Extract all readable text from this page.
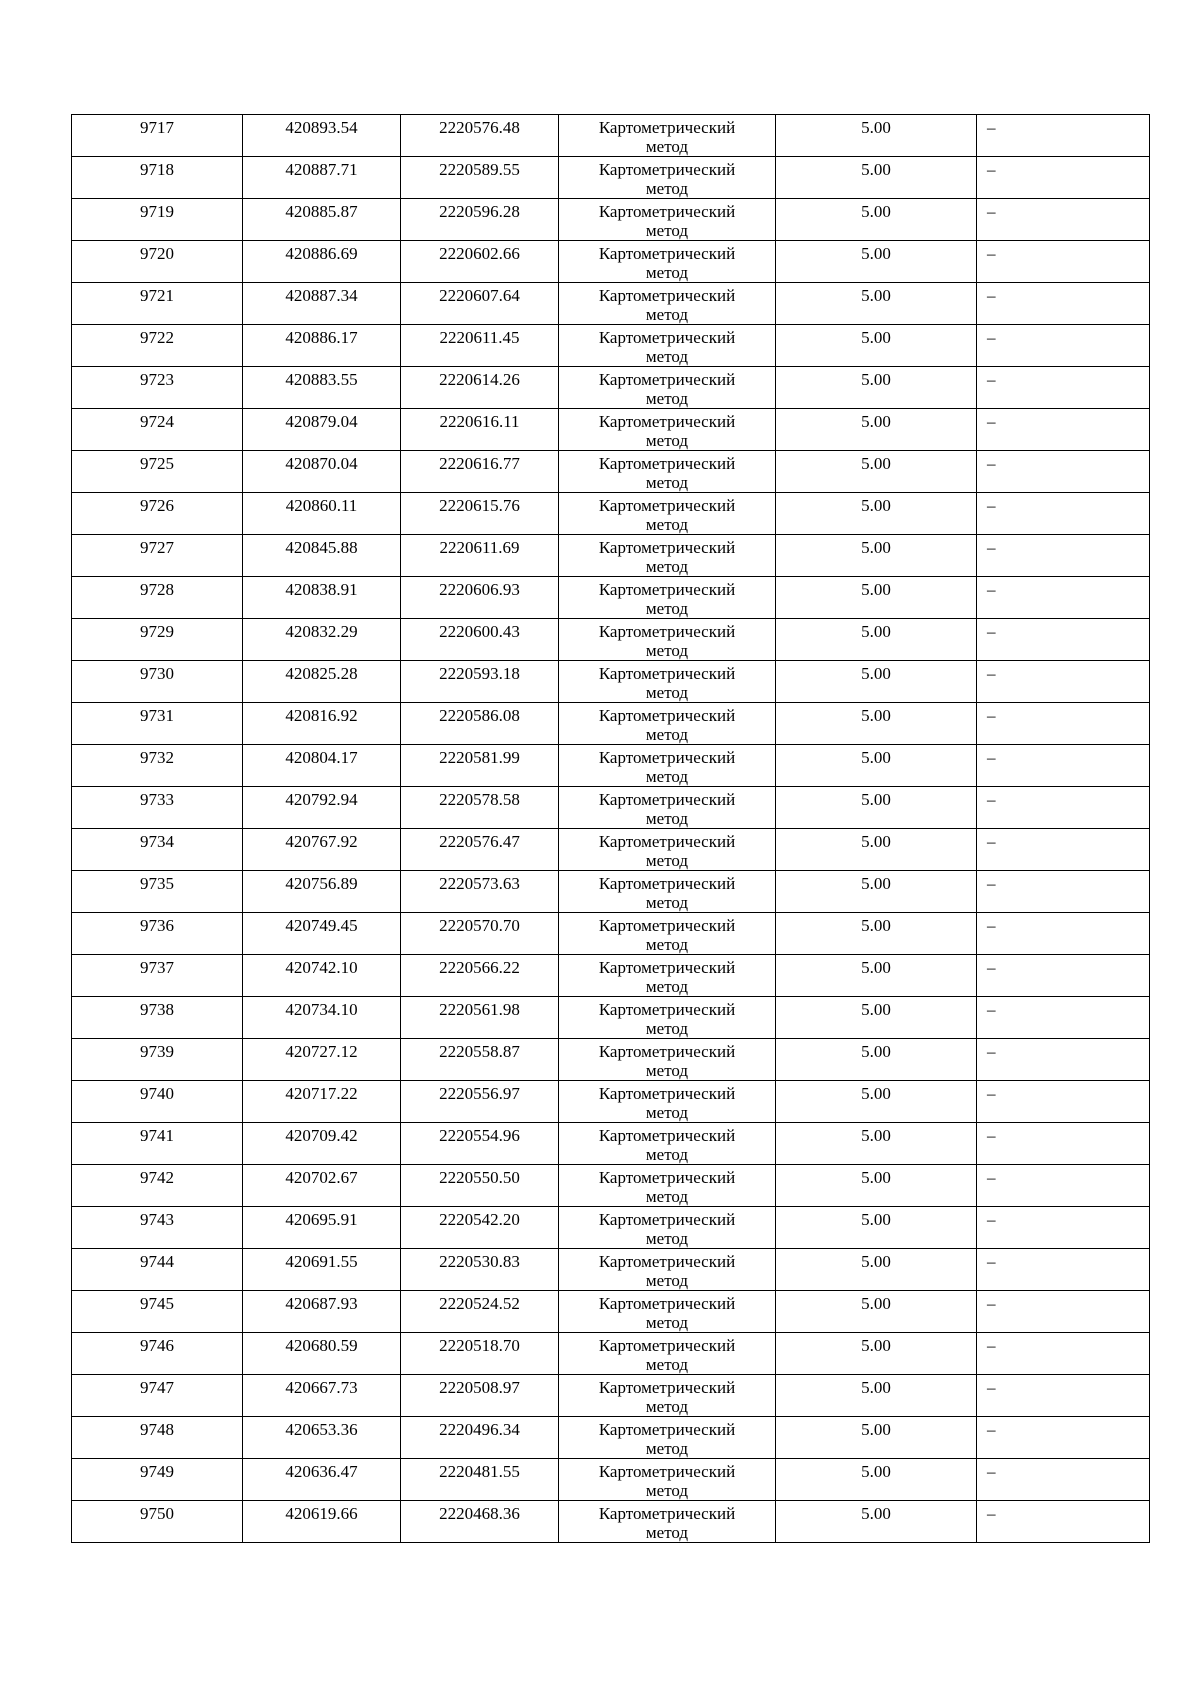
9717	420893.54	2220576.48	Картометрический
метод	5.00	–

9718	420887.71	2220589.55	Картометрический
метод	5.00	–

9719	420885.87	2220596.28	Картометрический
метод	5.00	–

9720	420886.69	2220602.66	Картометрический
метод	5.00	–

9721	420887.34	2220607.64	Картометрический
метод	5.00	–

9722	420886.17	2220611.45	Картометрический
метод	5.00	–

9723	420883.55	2220614.26	Картометрический
метод	5.00	–

9724	420879.04	2220616.11	Картометрический
метод	5.00	–

9725	420870.04	2220616.77	Картометрический
метод	5.00	–

9726	420860.11	2220615.76	Картометрический
метод	5.00	–

9727	420845.88	2220611.69	Картометрический
метод	5.00	–

9728	420838.91	2220606.93	Картометрический
метод	5.00	–

9729	420832.29	2220600.43	Картометрический
метод	5.00	–

9730	420825.28	2220593.18	Картометрический
метод	5.00	–

9731	420816.92	2220586.08	Картометрический
метод	5.00	–

9732	420804.17	2220581.99	Картометрический
метод	5.00	–

9733	420792.94	2220578.58	Картометрический
метод	5.00	–

9734	420767.92	2220576.47	Картометрический
метод	5.00	–

9735	420756.89	2220573.63	Картометрический
метод	5.00	–

9736	420749.45	2220570.70	Картометрический
метод	5.00	–

9737	420742.10	2220566.22	Картометрический
метод	5.00	–

9738	420734.10	2220561.98	Картометрический
метод	5.00	–

9739	420727.12	2220558.87	Картометрический
метод	5.00	–

9740	420717.22	2220556.97	Картометрический
метод	5.00	–

9741	420709.42	2220554.96	Картометрический
метод	5.00	–

9742	420702.67	2220550.50	Картометрический
метод	5.00	–

9743	420695.91	2220542.20	Картометрический
метод	5.00	–

9744	420691.55	2220530.83	Картометрический
метод	5.00	–

9745	420687.93	2220524.52	Картометрический
метод	5.00	–

9746	420680.59	2220518.70	Картометрический
метод	5.00	–

9747	420667.73	2220508.97	Картометрический
метод	5.00	–

9748	420653.36	2220496.34	Картометрический
метод	5.00	–

9749	420636.47	2220481.55	Картометрический
метод	5.00	–

9750	420619.66	2220468.36	Картометрический
метод	5.00	–
